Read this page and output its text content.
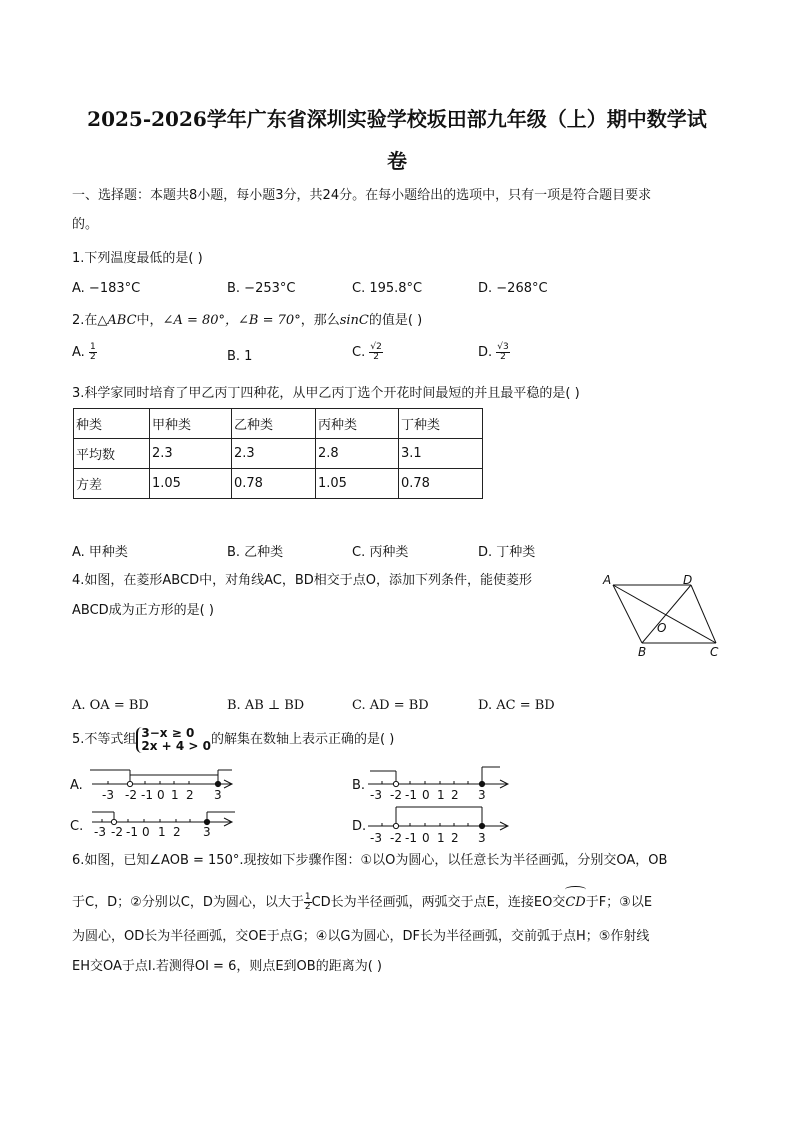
2025-2026学年广东省深圳实验学校坂田部九年级（上）期中数学试
卷
一、选择题：本题共8小题，每小题3分，共24分。在每小题给出的选项中，只有一项是符合题目要求
的。
1.下列温度最低的是( )
A. −183°C	B. −253°C	C. 195.8°C	D. −268°C
2.在△ABC中，∠A = 80°，∠B = 70°，那么sinC的值是( )
A. $\frac{1}{2}$	B. 1	C. $\frac{√2}{2}$	D. $\frac{√3}{2}$
3.科学家同时培育了甲乙丙丁四种花，从甲乙丙丁选个开花时间最短的并且最平稳的是( )
种类	甲种类	乙种类	丙种类	丁种类
平均数	2.3	2.3	2.8	3.1
方差	1.05	0.78	1.05	0.78
A. 甲种类	B. 乙种类	C. 丙种类	D. 丁种类
4.如图，在菱形ABCD中，对角线AC，BD相交于点O，添加下列条件，能使菱形
ABCD成为正方形的是( )
A	D
O
B	C
A. OA = BD	B. AB ⊥ BD	C. AD = BD	D. AC = BD
5.不等式组 3−x ≥ 0
2x + 4 > 0 的解集在数轴上表示正确的是( )
A.	B.
C.	D.
-3 -2 -1 0 1 2 3	-3 -2 -1 0 1 2 3
-3 -2 -1 0 1 2 3	-3 -2 -1 0 1 2 3
6.如图，已知∠AOB = 150°.现按如下步骤作图：①以O为圆心，以任意长为半径画弧，分别交OA，OB
于C，D；②分别以C，D为圆心，以大于 $\frac{1}{2}$ CD长为半径画弧，两弧交于点E，连接EO交
CD于F；③以E
为圆心，OD长为半径画弧，交OE于点G；④以G为圆心，DF长为半径画弧，交前弧于点H；⑤作射线
EH交OA于点I.若测得OI = 6，则点E到OB的距离为( )
